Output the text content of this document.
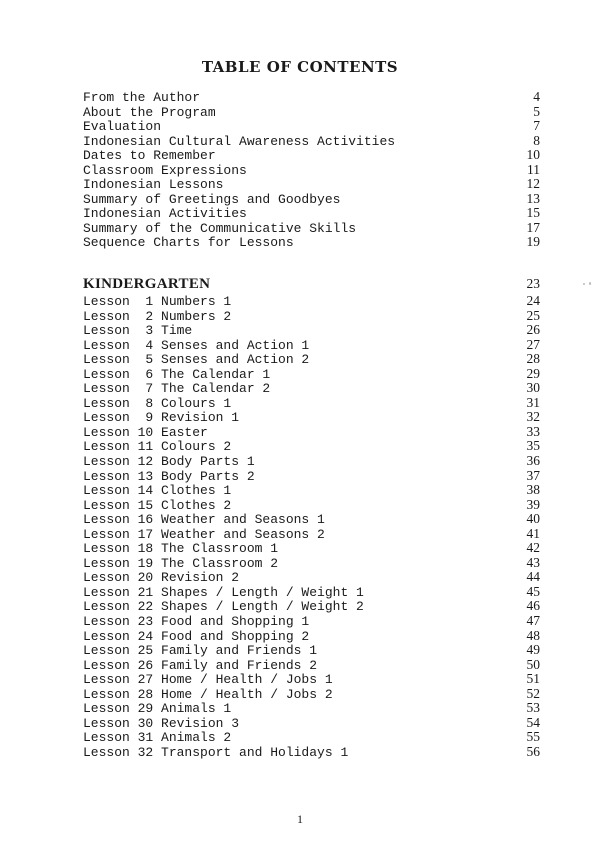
TABLE OF CONTENTS
From the Author	4
About the Program	5
Evaluation	7
Indonesian Cultural Awareness Activities	8
Dates to Remember	10
Classroom Expressions	11
Indonesian Lessons	12
Summary of Greetings and Goodbyes	13
Indonesian Activities	15
Summary of the Communicative Skills	17
Sequence Charts for Lessons	19
KINDERGARTEN	23
Lesson  1 Numbers 1	24
Lesson  2 Numbers 2	25
Lesson  3 Time	26
Lesson  4 Senses and Action 1	27
Lesson  5 Senses and Action 2	28
Lesson  6 The Calendar 1	29
Lesson  7 The Calendar 2	30
Lesson  8 Colours 1	31
Lesson  9 Revision 1	32
Lesson 10 Easter	33
Lesson 11 Colours 2	35
Lesson 12 Body Parts 1	36
Lesson 13 Body Parts 2	37
Lesson 14 Clothes 1	38
Lesson 15 Clothes 2	39
Lesson 16 Weather and Seasons 1	40
Lesson 17 Weather and Seasons 2	41
Lesson 18 The Classroom 1	42
Lesson 19 The Classroom 2	43
Lesson 20 Revision 2	44
Lesson 21 Shapes / Length / Weight 1	45
Lesson 22 Shapes / Length / Weight 2	46
Lesson 23 Food and Shopping 1	47
Lesson 24 Food and Shopping 2	48
Lesson 25 Family and Friends 1	49
Lesson 26 Family and Friends 2	50
Lesson 27 Home / Health / Jobs 1	51
Lesson 28 Home / Health / Jobs 2	52
Lesson 29 Animals 1	53
Lesson 30 Revision 3	54
Lesson 31 Animals 2	55
Lesson 32 Transport and Holidays 1	56
1
